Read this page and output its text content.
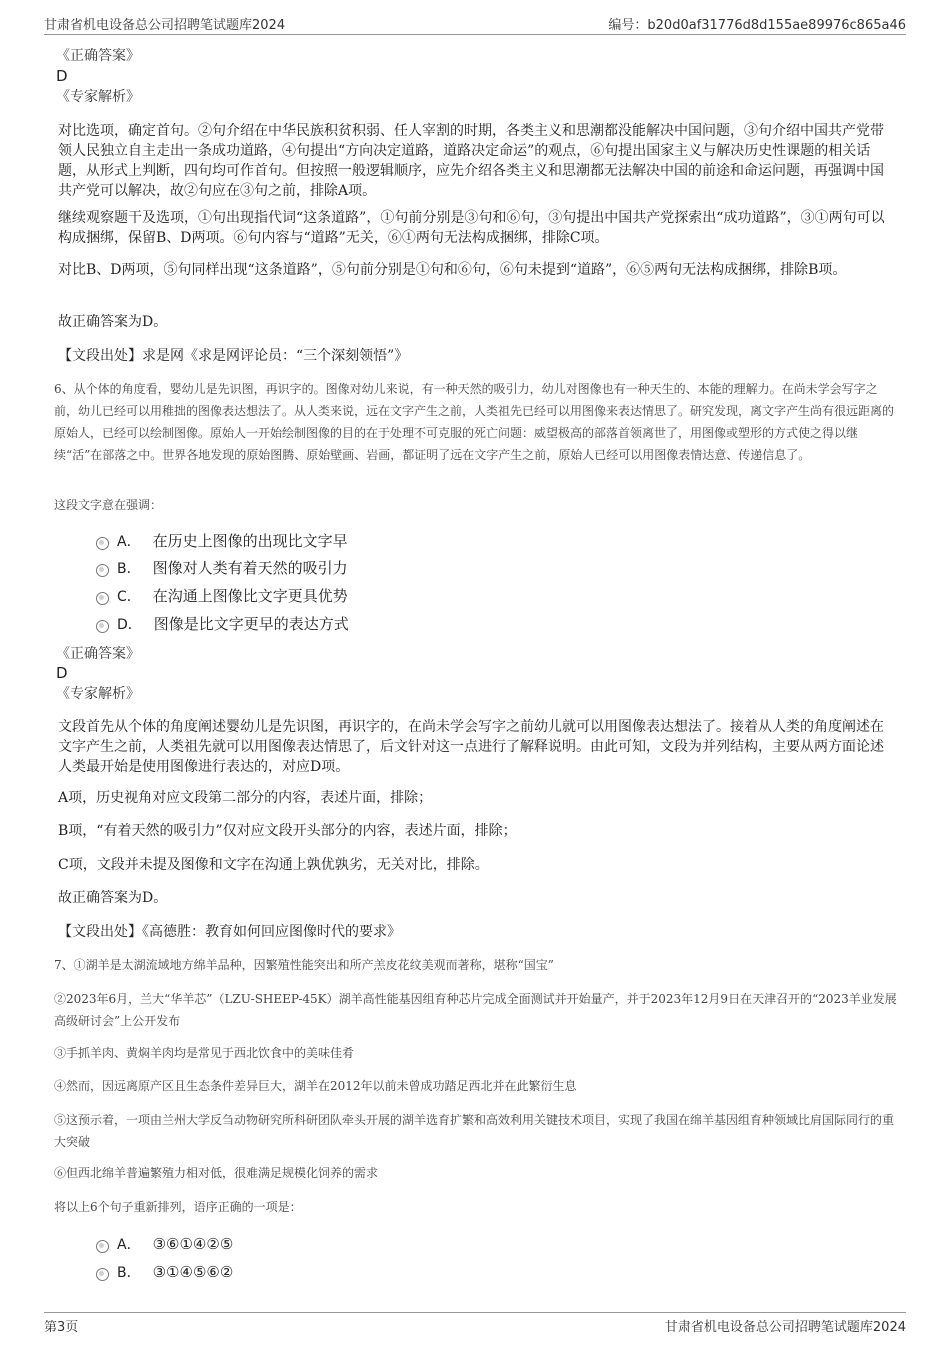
甘肃省机电设备总公司招聘笔试题库2024	编号：b20d0af31776d8d155ae89976c865a46
《正确答案》
D
《专家解析》
对比选项，确定首句。②句介绍在中华民族积贫积弱、任人宰割的时期，各类主义和思潮都没能解决中国问题，③句介绍中国共产党带领人民独立自主走出一条成功道路，④句提出“方向决定道路，道路决定命运”的观点，⑥句提出国家主义与解决历史性课题的相关话题，从形式上判断，四句均可作首句。但按照一般逻辑顺序，应先介绍各类主义和思潮都无法解决中国的前途和命运问题，再强调中国共产党可以解决，故②句应在③句之前，排除A项。
继续观察题干及选项，①句出现指代词“这条道路”，①句前分别是③句和⑥句，③句提出中国共产党探索出“成功道路”，③①两句可以构成捆绑，保留B、D两项。⑥句内容与“道路”无关，⑥①两句无法构成捆绑，排除C项。
对比B、D两项，⑤句同样出现“这条道路”，⑤句前分别是①句和⑥句，⑥句未提到“道路”，⑥⑤两句无法构成捆绑，排除B项。
故正确答案为D。
【文段出处】求是网《求是网评论员：“三个深刻领悟”》
6、从个体的角度看，婴幼儿是先识图，再识字的。图像对幼儿来说，有一种天然的吸引力，幼儿对图像也有一种天生的、本能的理解力。在尚未学会写字之前，幼儿已经可以用稚拙的图像表达想法了。从人类来说，远在文字产生之前，人类祖先已经可以用图像来表达情思了。研究发现，离文字产生尚有很远距离的原始人，已经可以绘制图像。原始人一开始绘制图像的目的在于处理不可克服的死亡问题：威望极高的部落首领离世了，用图像或塑形的方式使之得以继续“活”在部落之中。世界各地发现的原始图腾、原始壁画、岩画，都证明了远在文字产生之前，原始人已经可以用图像表情达意、传递信息了。
这段文字意在强调：
A． 在历史上图像的出现比文字早
B． 图像对人类有着天然的吸引力
C． 在沟通上图像比文字更具优势
D． 图像是比文字更早的表达方式
《正确答案》
D
《专家解析》
文段首先从个体的角度阐述婴幼儿是先识图，再识字的，在尚未学会写字之前幼儿就可以用图像表达想法了。接着从人类的角度阐述在文字产生之前，人类祖先就可以用图像表达情思了，后文针对这一点进行了解释说明。由此可知，文段为并列结构，主要从两方面论述人类最开始是使用图像进行表达的，对应D项。
A项，历史视角对应文段第二部分的内容，表述片面，排除；
B项，“有着天然的吸引力”仅对应文段开头部分的内容，表述片面，排除；
C项，文段并未提及图像和文字在沟通上孰优孰劣，无关对比，排除。
故正确答案为D。
【文段出处】《高德胜：教育如何回应图像时代的要求》
7、①湖羊是太湖流域地方绵羊品种，因繁殖性能突出和所产羔皮花纹美观而著称，堪称“国宝”
②2023年6月，兰大“华羊芯”（LZU-SHEEP-45K）湖羊高性能基因组育种芯片完成全面测试并开始量产，并于2023年12月9日在天津召开的“2023羊业发展高级研讨会”上公开发布
③手抓羊肉、黄焖羊肉均是常见于西北饮食中的美味佳肴
④然而，因远离原产区且生态条件差异巨大，湖羊在2012年以前未曾成功踏足西北并在此繁衍生息
⑤这预示着，一项由兰州大学反刍动物研究所科研团队牵头开展的湖羊选育扩繁和高效利用关键技术项目，实现了我国在绵羊基因组育种领域比肩国际同行的重大突破
⑥但西北绵羊普遍繁殖力相对低，很难满足规模化饲养的需求
将以上6个句子重新排列，语序正确的一项是：
A． ③⑥①④②⑤
B． ③①④⑤⑥②
第3页	甘肃省机电设备总公司招聘笔试题库2024
